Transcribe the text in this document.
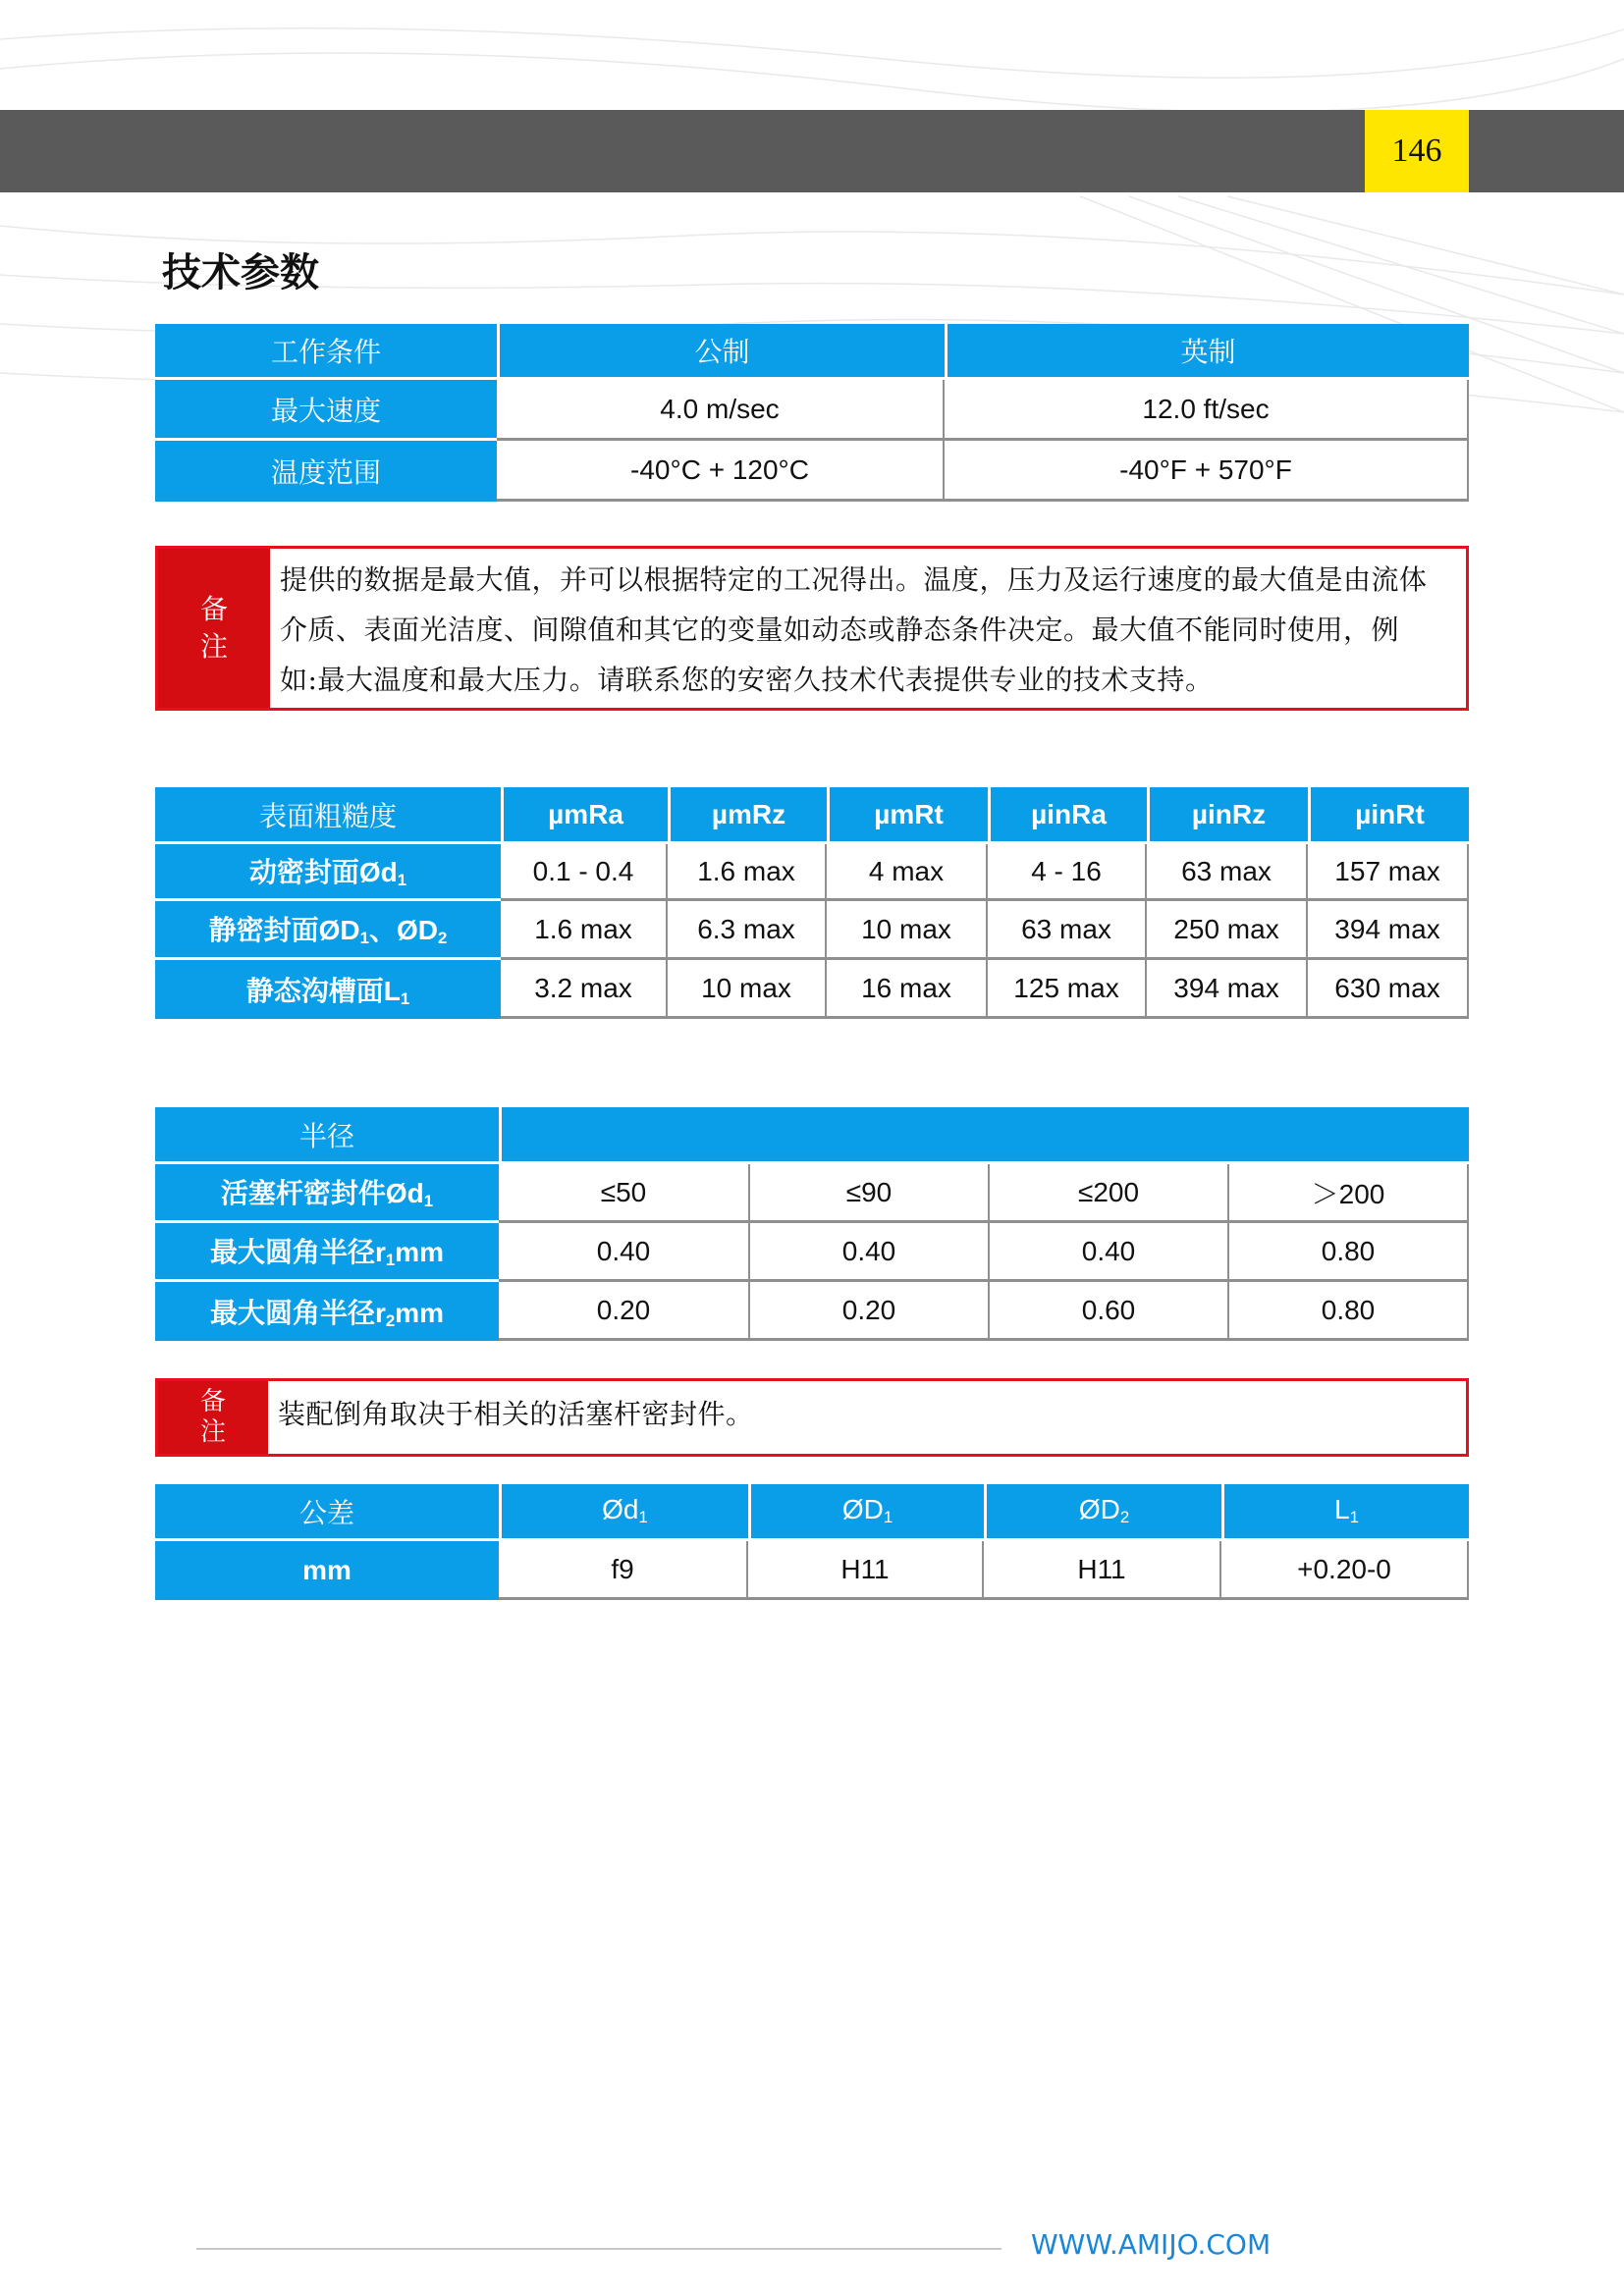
146
技术参数
工作条件	公制	英制
最大速度	4.0 m/sec	12.0 ft/sec
温度范围	-40°C + 120°C	-40°F + 570°F
备
注
提供的数据是最大值，并可以根据特定的工况得出。温度，压力及运行速度的最大值是由流体
介质、表面光洁度、间隙值和其它的变量如动态或静态条件决定。最大值不能同时使用，例
如:最大温度和最大压力。请联系您的安密久技术代表提供专业的技术支持。
表面粗糙度	µmRa	µmRz	µmRt	µinRa	µinRz	µinRt
动密封面$Ød_1$	0.1 - 0.4	1.6 max	4 max	4 - 16	63 max	157 max
静密封面$ØD_1$、$ØD_2$	1.6 max	6.3 max	10 max	63 max	250 max	394 max
静态沟槽面$L_1$	3.2 max	10 max	16 max	125 max	394 max	630 max
半径				
活塞杆密封件$Ød_1$	≤50	≤90	≤200	＞200
最大圆角半径$r_1mm$	0.40	0.40	0.40	0.80
最大圆角半径$r_2mm$	0.20	0.20	0.60	0.80
备
注
装配倒角取决于相关的活塞杆密封件。
公差	$Ød_1$	$ØD_1$	$ØD_2$	$L_1$
mm	f9	H11	H11	+0.20-0
WWW.AMIJO.COM
